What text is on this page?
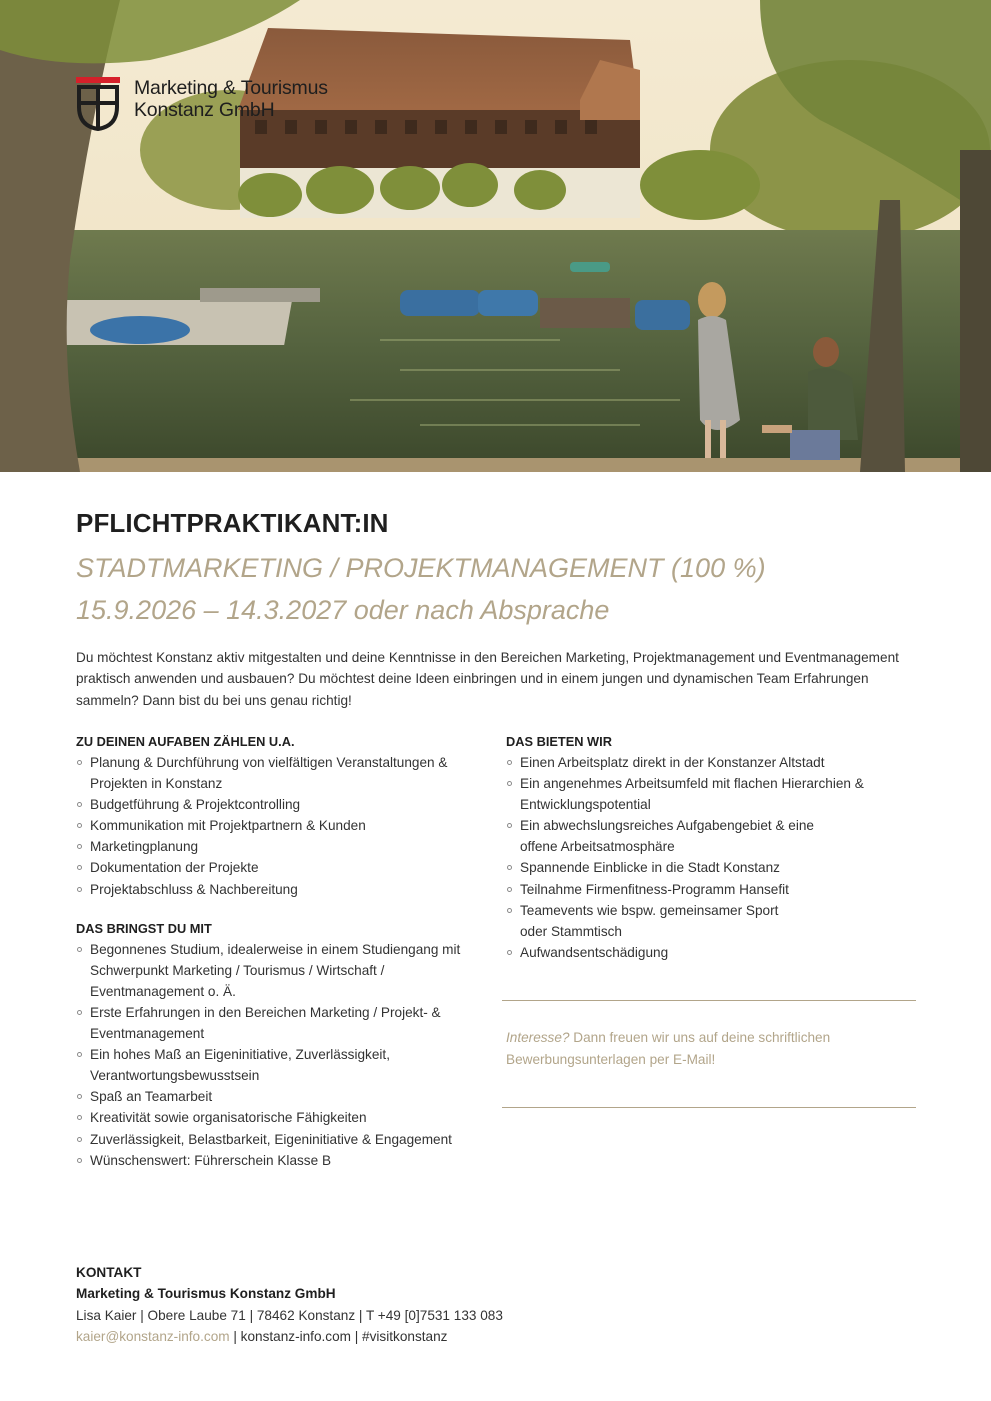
Marketing & Tourismus
Konstanz GmbH
PFLICHTPRAKTIKANT:IN

STADTMARKETING / PROJEKTMANAGEMENT (100 %)

15.9.2026 – 14.3.2027 oder nach Absprache

Du möchtest Konstanz aktiv mitgestalten und deine Kenntnisse in den Bereichen Marketing, Projektmanagement und Eventmanagement praktisch anwenden und ausbauen? Du möchtest deine Ideen einbringen und in einem jungen und dynamischen Team Erfahrungen sammeln? Dann bist du bei uns genau richtig!
ZU DEINEN AUFABEN ZÄHLEN U.A.
Planung & Durchführung von vielfältigen Veranstaltungen & Projekten in Konstanz
Budgetführung & Projektcontrolling
Kommunikation mit Projektpartnern & Kunden
Marketingplanung
Dokumentation der Projekte
Projektabschluss & Nachbereitung
DAS BRINGST DU MIT
Begonnenes Studium, idealerweise in einem Studiengang mit Schwerpunkt Marketing / Tourismus / Wirtschaft / Eventmanagement o. Ä.
Erste Erfahrungen in den Bereichen Marketing / Projekt- & Eventmanagement
Ein hohes Maß an Eigeninitiative, Zuverlässigkeit, Verantwortungsbewusstsein
Spaß an Teamarbeit
Kreativität sowie organisatorische Fähigkeiten
Zuverlässigkeit, Belastbarkeit, Eigeninitiative & Engagement
Wünschenswert: Führerschein Klasse B
DAS BIETEN WIR
Einen Arbeitsplatz direkt in der Konstanzer Altstadt
Ein angenehmes Arbeitsumfeld mit flachen Hierarchien & Entwicklungspotential
Ein abwechslungsreiches Aufgabengebiet & eine offene Arbeitsatmosphäre
Spannende Einblicke in die Stadt Konstanz
Teilnahme Firmenfitness-Programm Hansefit
Teamevents wie bspw. gemeinsamer Sport oder Stammtisch
Aufwandsentschädigung
Interesse? Dann freuen wir uns auf deine schriftlichen Bewerbungsunterlagen per E-Mail!
KONTAKT
Marketing & Tourismus Konstanz GmbH
Lisa Kaier | Obere Laube 71 | 78462 Konstanz | T +49 [0]7531 133 083
kaier@konstanz-info.com | konstanz-info.com | #visitkonstanz
